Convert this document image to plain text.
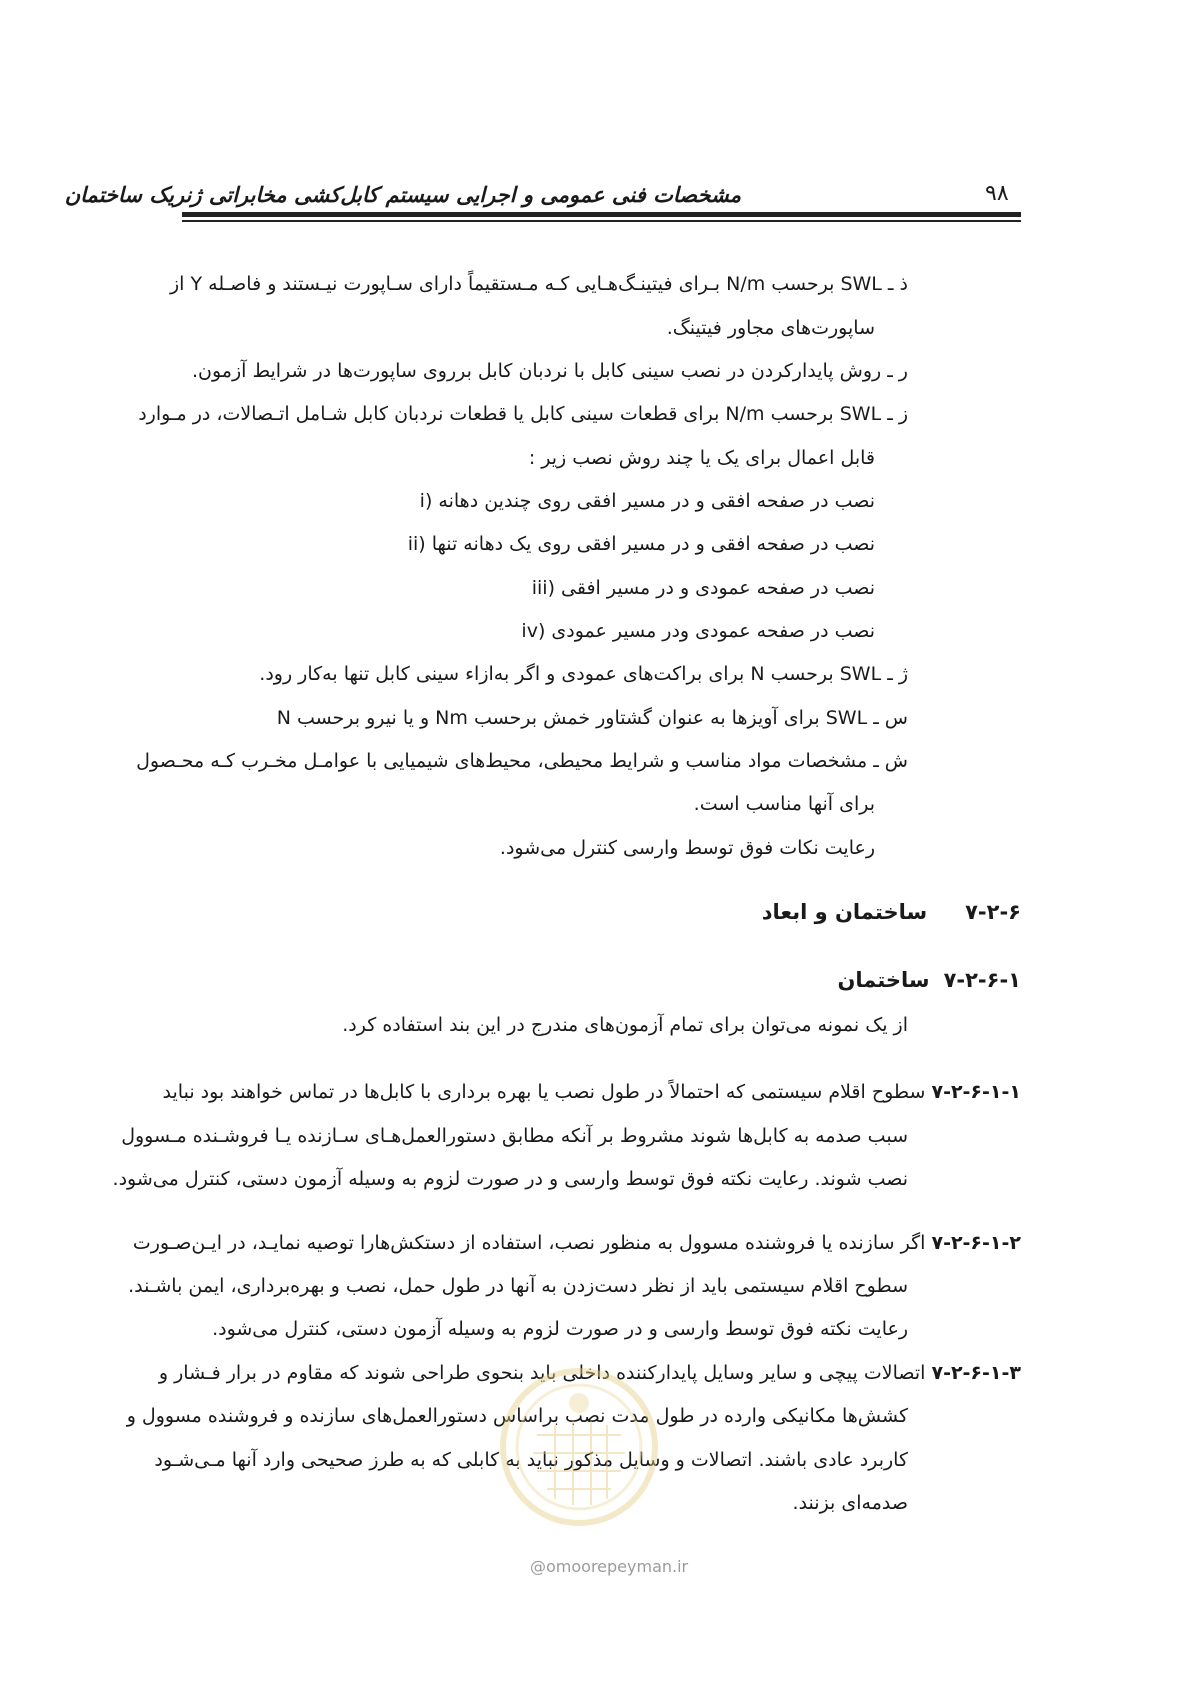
مشخصات فنی عمومی و اجرایی سیستم کابل‌کشی مخابراتی ژنریک ساختمان	۹۸
ذ ـ SWL برحسب N/m بـرای فیتینـگ‌هـایی کـه مـستقیماً دارای سـاپورت نیـستند و فاصـله Y از
ساپورت‌های مجاور فیتینگ.
ر ـ روش پایدارکردن در نصب سینی کابل با نردبان کابل برروی ساپورت‌ها در شرایط آزمون.
ز ـ SWL برحسب N/m برای قطعات سینی کابل یا قطعات نردبان کابل شـامل اتـصالات، در مـوارد
قابل اعمال برای یک یا چند روش نصب زیر :
i) نصب در صفحه افقی و در مسیر افقی روی چندین دهانه
ii) نصب در صفحه افقی و در مسیر افقی روی یک دهانه تنها
iii) نصب در صفحه عمودی و در مسیر افقی
iv) نصب در صفحه عمودی ودر مسیر عمودی
ژ ـ SWL برحسب N برای براکت‌های عمودی و اگر به‌ازاء سینی کابل تنها به‌کار رود.
س ـ SWL برای آویزها به عنوان گشتاور خمش برحسب Nm و یا نیرو برحسب N
ش ـ مشخصات مواد مناسب و شرایط محیطی، محیط‌های شیمیایی با عوامـل مخـرب کـه محـصول
برای آنها مناسب است.
رعایت نکات فوق توسط وارسی کنترل می‌شود.
۷-۲-۶ساختمان و ابعاد
۷-۲-۶-۱ساختمان
از یک نمونه می‌توان برای تمام آزمون‌های مندرج در این بند استفاده کرد.
۷-۲-۶-۱-۱ سطوح اقلام سیستمی که احتمالاً در طول نصب یا بهره برداری با کابل‌ها در تماس خواهند بود نباید
سبب صدمه به کابل‌ها شوند مشروط بر آنکه مطابق دستورالعمل‌هـای سـازنده یـا فروشـنده مـسوول
نصب شوند. رعایت نکته فوق توسط وارسی و در صورت لزوم به وسیله آزمون دستی، کنترل می‌شود.
۷-۲-۶-۱-۲ اگر سازنده یا فروشنده مسوول به منظور نصب، استفاده از دستکش‌هارا توصیه نمایـد، در ایـن‌صـورت
سطوح اقلام سیستمی باید از نظر دست‌زدن به آنها در طول حمل، نصب و بهره‌برداری، ایمن باشـند.
رعایت نکته فوق توسط وارسی و در صورت لزوم به وسیله آزمون دستی، کنترل می‌شود.
۷-۲-۶-۱-۳ اتصالات پیچی و سایر وسایل پایدارکننده داخلی باید بنحوی طراحی شوند که مقاوم در برار فـشار و
کشش‌ها مکانیکی وارده در طول مدت نصب براساس دستورالعمل‌های سازنده و فروشنده مسوول و
کاربرد عادی باشند. اتصالات و وسایل مذکور نباید به کابلی که به طرز صحیحی وارد آنها مـی‌شـود
صدمه‌ای بزنند.
@omoorepeyman.ir
